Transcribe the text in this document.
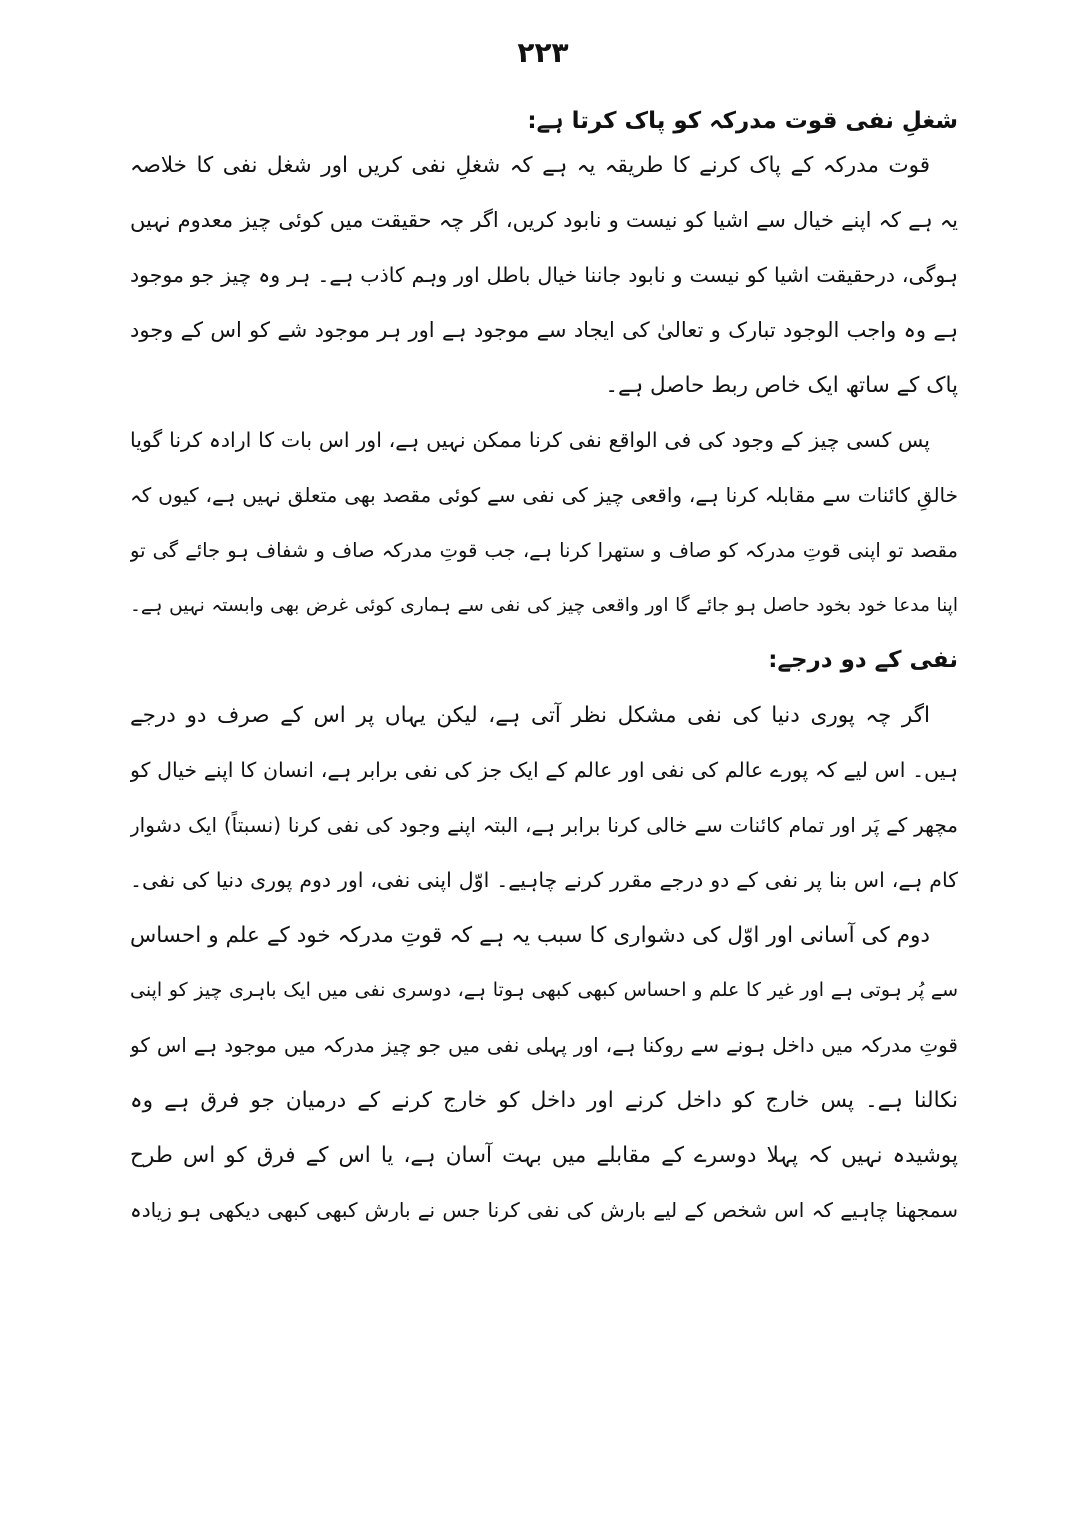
۲۲۳
شغلِ نفی قوت مدرکہ کو پاک کرتا ہے:
قوت مدرکہ کے پاک کرنے کا طریقہ یہ ہے کہ شغلِ نفی کریں اور شغل نفی کا خلاصہ
یہ ہے کہ اپنے خیال سے اشیا کو نیست و نابود کریں، اگر چہ حقیقت میں کوئی چیز معدوم نہیں
ہوگی، درحقیقت اشیا کو نیست و نابود جاننا خیال باطل اور وہم کاذب ہے۔ ہر وہ چیز جو موجود
ہے وہ واجب الوجود تبارک و تعالیٰ کی ایجاد سے موجود ہے اور ہر موجود شے کو اس کے وجود
پاک کے ساتھ ایک خاص ربط حاصل ہے۔
پس کسی چیز کے وجود کی فی الواقع نفی کرنا ممکن نہیں ہے، اور اس بات کا ارادہ کرنا گویا
خالقِ کائنات سے مقابلہ کرنا ہے، واقعی چیز کی نفی سے کوئی مقصد بھی متعلق نہیں ہے، کیوں کہ
مقصد تو اپنی قوتِ مدرکہ کو صاف و ستھرا کرنا ہے، جب قوتِ مدرکہ صاف و شفاف ہو جائے گی تو
اپنا مدعا خود بخود حاصل ہو جائے گا اور واقعی چیز کی نفی سے ہماری کوئی غرض بھی وابستہ نہیں ہے۔
نفی کے دو درجے:
اگر چہ پوری دنیا کی نفی مشکل نظر آتی ہے، لیکن یہاں پر اس کے صرف دو درجے
ہیں۔ اس لیے کہ پورے عالم کی نفی اور عالم کے ایک جز کی نفی برابر ہے، انسان کا اپنے خیال کو
مچھر کے پَر اور تمام کائنات سے خالی کرنا برابر ہے، البتہ اپنے وجود کی نفی کرنا (نسبتاً) ایک دشوار
کام ہے، اس بنا پر نفی کے دو درجے مقرر کرنے چاہیے۔ اوّل اپنی نفی، اور دوم پوری دنیا کی نفی۔
دوم کی آسانی اور اوّل کی دشواری کا سبب یہ ہے کہ قوتِ مدرکہ خود کے علم و احساس
سے پُر ہوتی ہے اور غیر کا علم و احساس کبھی کبھی ہوتا ہے، دوسری نفی میں ایک باہری چیز کو اپنی
قوتِ مدرکہ میں داخل ہونے سے روکنا ہے، اور پہلی نفی میں جو چیز مدرکہ میں موجود ہے اس کو
نکالنا ہے۔ پس خارج کو داخل کرنے اور داخل کو خارج کرنے کے درمیان جو فرق ہے وہ
پوشیدہ نہیں کہ پہلا دوسرے کے مقابلے میں بہت آسان ہے، یا اس کے فرق کو اس طرح
سمجھنا چاہیے کہ اس شخص کے لیے بارش کی نفی کرنا جس نے بارش کبھی کبھی دیکھی ہو زیادہ
